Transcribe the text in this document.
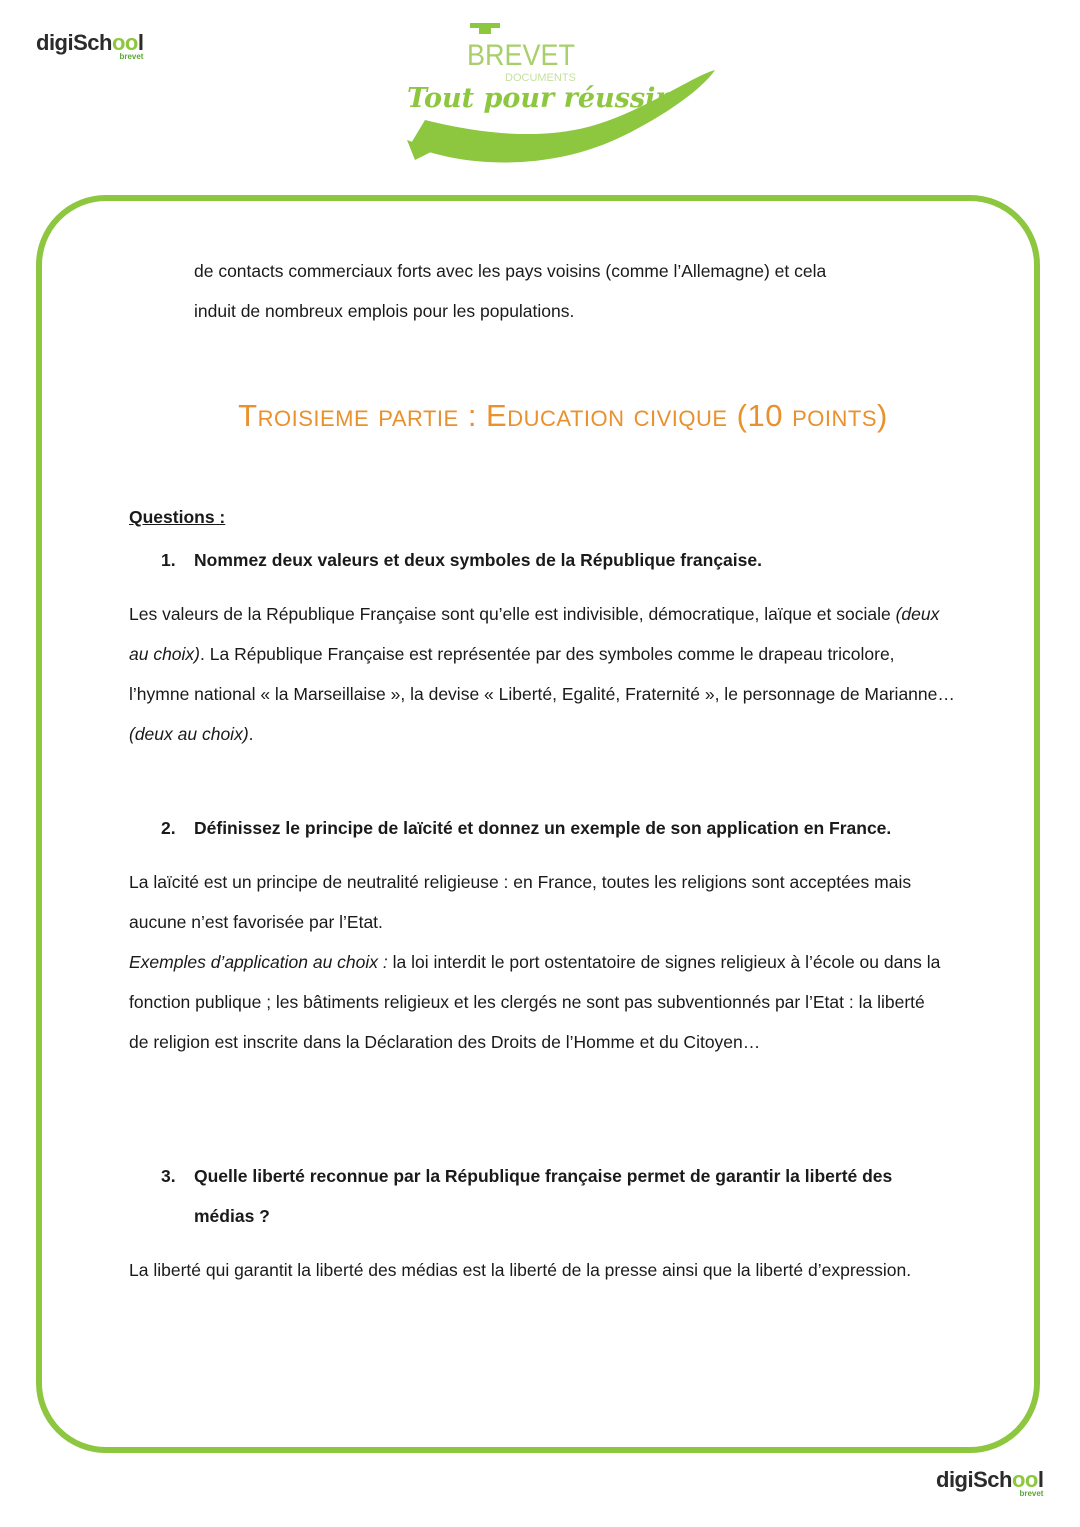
digiSchool
brevet	BREVET
DOCUMENTS
Tout pour réussir
de contacts commerciaux forts avec les pays voisins (comme l’Allemagne) et cela
induit de nombreux emplois pour les populations.
Troisieme partie : Education civique (10 points)
Questions :
1. Nommez deux valeurs et deux symboles de la République française.
Les valeurs de la République Française sont qu’elle est indivisible, démocratique, laïque et sociale (deux au choix). La République Française est représentée par des symboles comme le drapeau tricolore, l’hymne national « la Marseillaise », la devise « Liberté, Egalité, Fraternité », le personnage de Marianne… (deux au choix).
2. Définissez le principe de laïcité et donnez un exemple de son application en France.
La laïcité est un principe de neutralité religieuse : en France, toutes les religions sont acceptées mais aucune n’est favorisée par l’Etat.
Exemples d’application au choix : la loi interdit le port ostentatoire de signes religieux à l’école ou dans la fonction publique ; les bâtiments religieux et les clergés ne sont pas subventionnés par l’Etat : la liberté de religion est inscrite dans la Déclaration des Droits de l’Homme et du Citoyen…
3. Quelle liberté reconnue par la République française permet de garantir la liberté des médias ?
La liberté qui garantit la liberté des médias est la liberté de la presse ainsi que la liberté d’expression.
digiSchool
brevet
